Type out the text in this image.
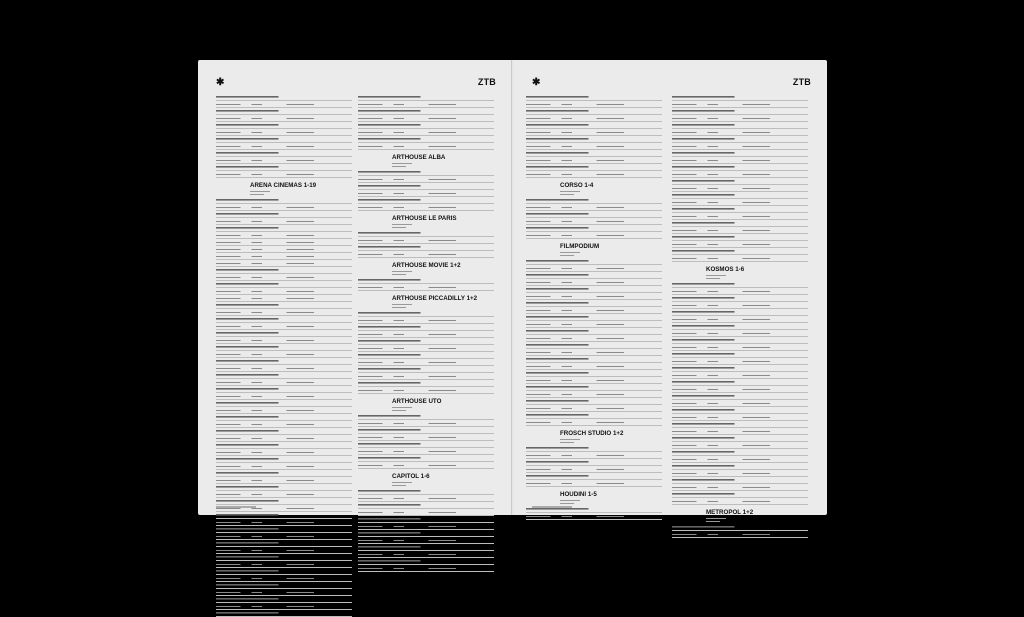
✱	ZTB
ARENA CINEMAS 1-19
ARTHOUSE ALBA
ARTHOUSE LE PARIS
ARTHOUSE MOVIE 1+2
ARTHOUSE PICCADILLY 1+2
ARTHOUSE UTO
CAPITOL 1-6
✱	ZTB
CORSO 1-4
FILMPODIUM
FROSCH STUDIO 1+2
HOUDINI 1-5
KOSMOS 1-6
METROPOL 1+2
